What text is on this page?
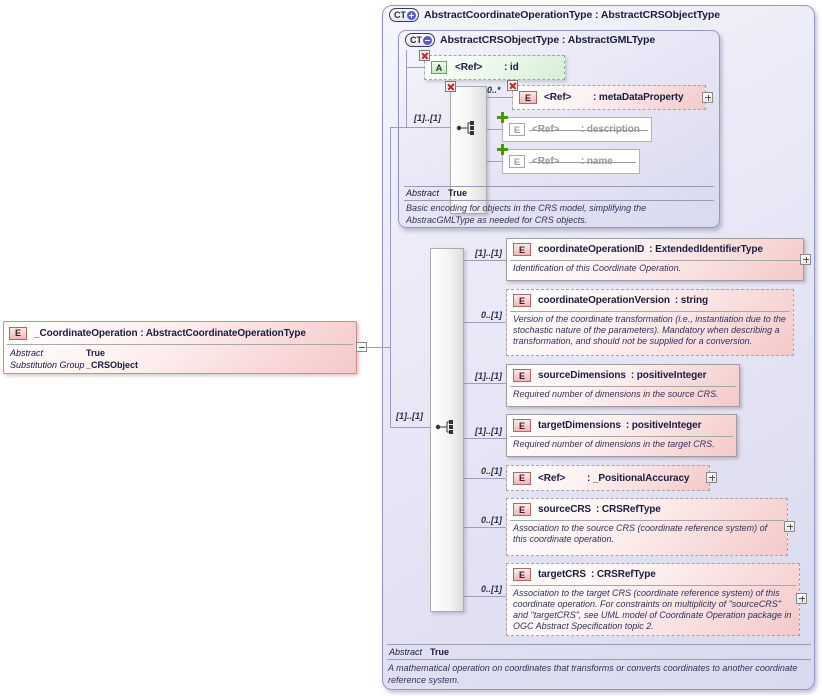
CT AbstractCoordinateOperationType : AbstractCRSObjectType
CT AbstractCRSObjectType : AbstractGMLType
A	<Ref>	: id
[1]..[1]
0..*
E	<Ref>	: metaDataProperty
E
E
Abstract True
Basic encoding for objects in the CRS model, simplifying the AbstracGMLType as needed for CRS objects.
[1]..[1]
[1]..[1]
0..[1]
[1]..[1]
[1]..[1]
0..[1]
0..[1]
0..[1]
E	coordinateOperationID : ExtendedIdentifierType
Identification of this Coordinate Operation.
E	coordinateOperationVersion : string
Version of the coordinate transformation (i.e., instantiation due to the stochastic nature of the parameters). Mandatory when describing a transformation, and should not be supplied for a conversion.
E	sourceDimensions : positiveInteger
Required number of dimensions in the source CRS.
E	targetDimensions : positiveInteger
Required number of dimensions in the target CRS.
E	<Ref>	: _PositionalAccuracy
E	sourceCRS : CRSRefType
Association to the source CRS (coordinate reference system) of this coordinate operation.
E	targetCRS : CRSRefType
Association to the target CRS (coordinate reference system) of this coordinate operation. For constraints on multiplicity of "sourceCRS" and "targetCRS", see UML model of Coordinate Operation package in OGC Abstract Specification topic 2.
Abstract True
A mathematical operation on coordinates that transforms or converts coordinates to another coordinate reference system.
E	_CoordinateOperation : AbstractCoordinateOperationType
Abstract	True
Substitution Group _CRSObject
